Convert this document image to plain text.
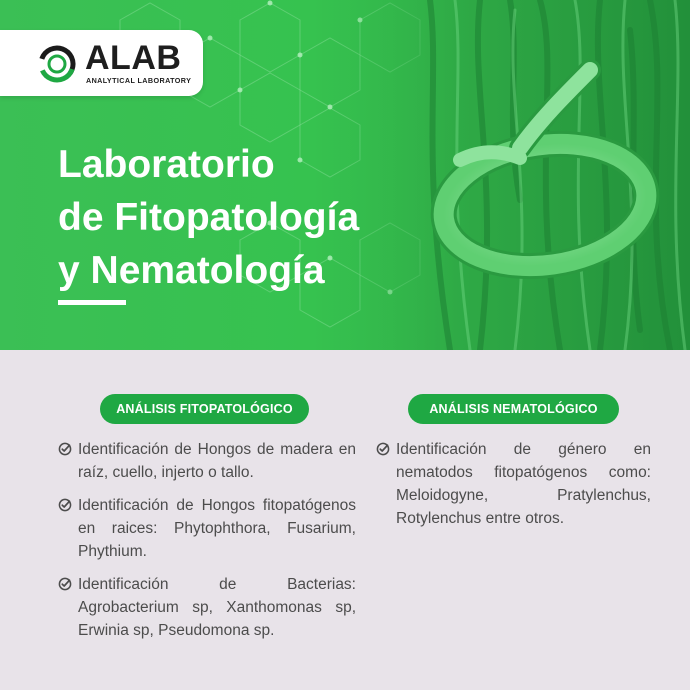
ALAB
ANALYTICAL LABORATORY
Laboratorio
de Fitopatología
y Nematología
ANÁLISIS FITOPATOLÓGICO
Identificación de Hongos de madera en raíz, cuello, injerto o tallo.
Identificación de Hongos fitopatógenos en raices: Phytophthora, Fusarium, Phythium.
Identificación de Bacterias: Agrobacterium sp, Xanthomonas sp, Erwinia sp, Pseudomona sp.
ANÁLISIS NEMATOLÓGICO
Identificación de género en nematodos fitopatógenos como: Meloidogyne, Pratylenchus, Rotylenchus entre otros.
